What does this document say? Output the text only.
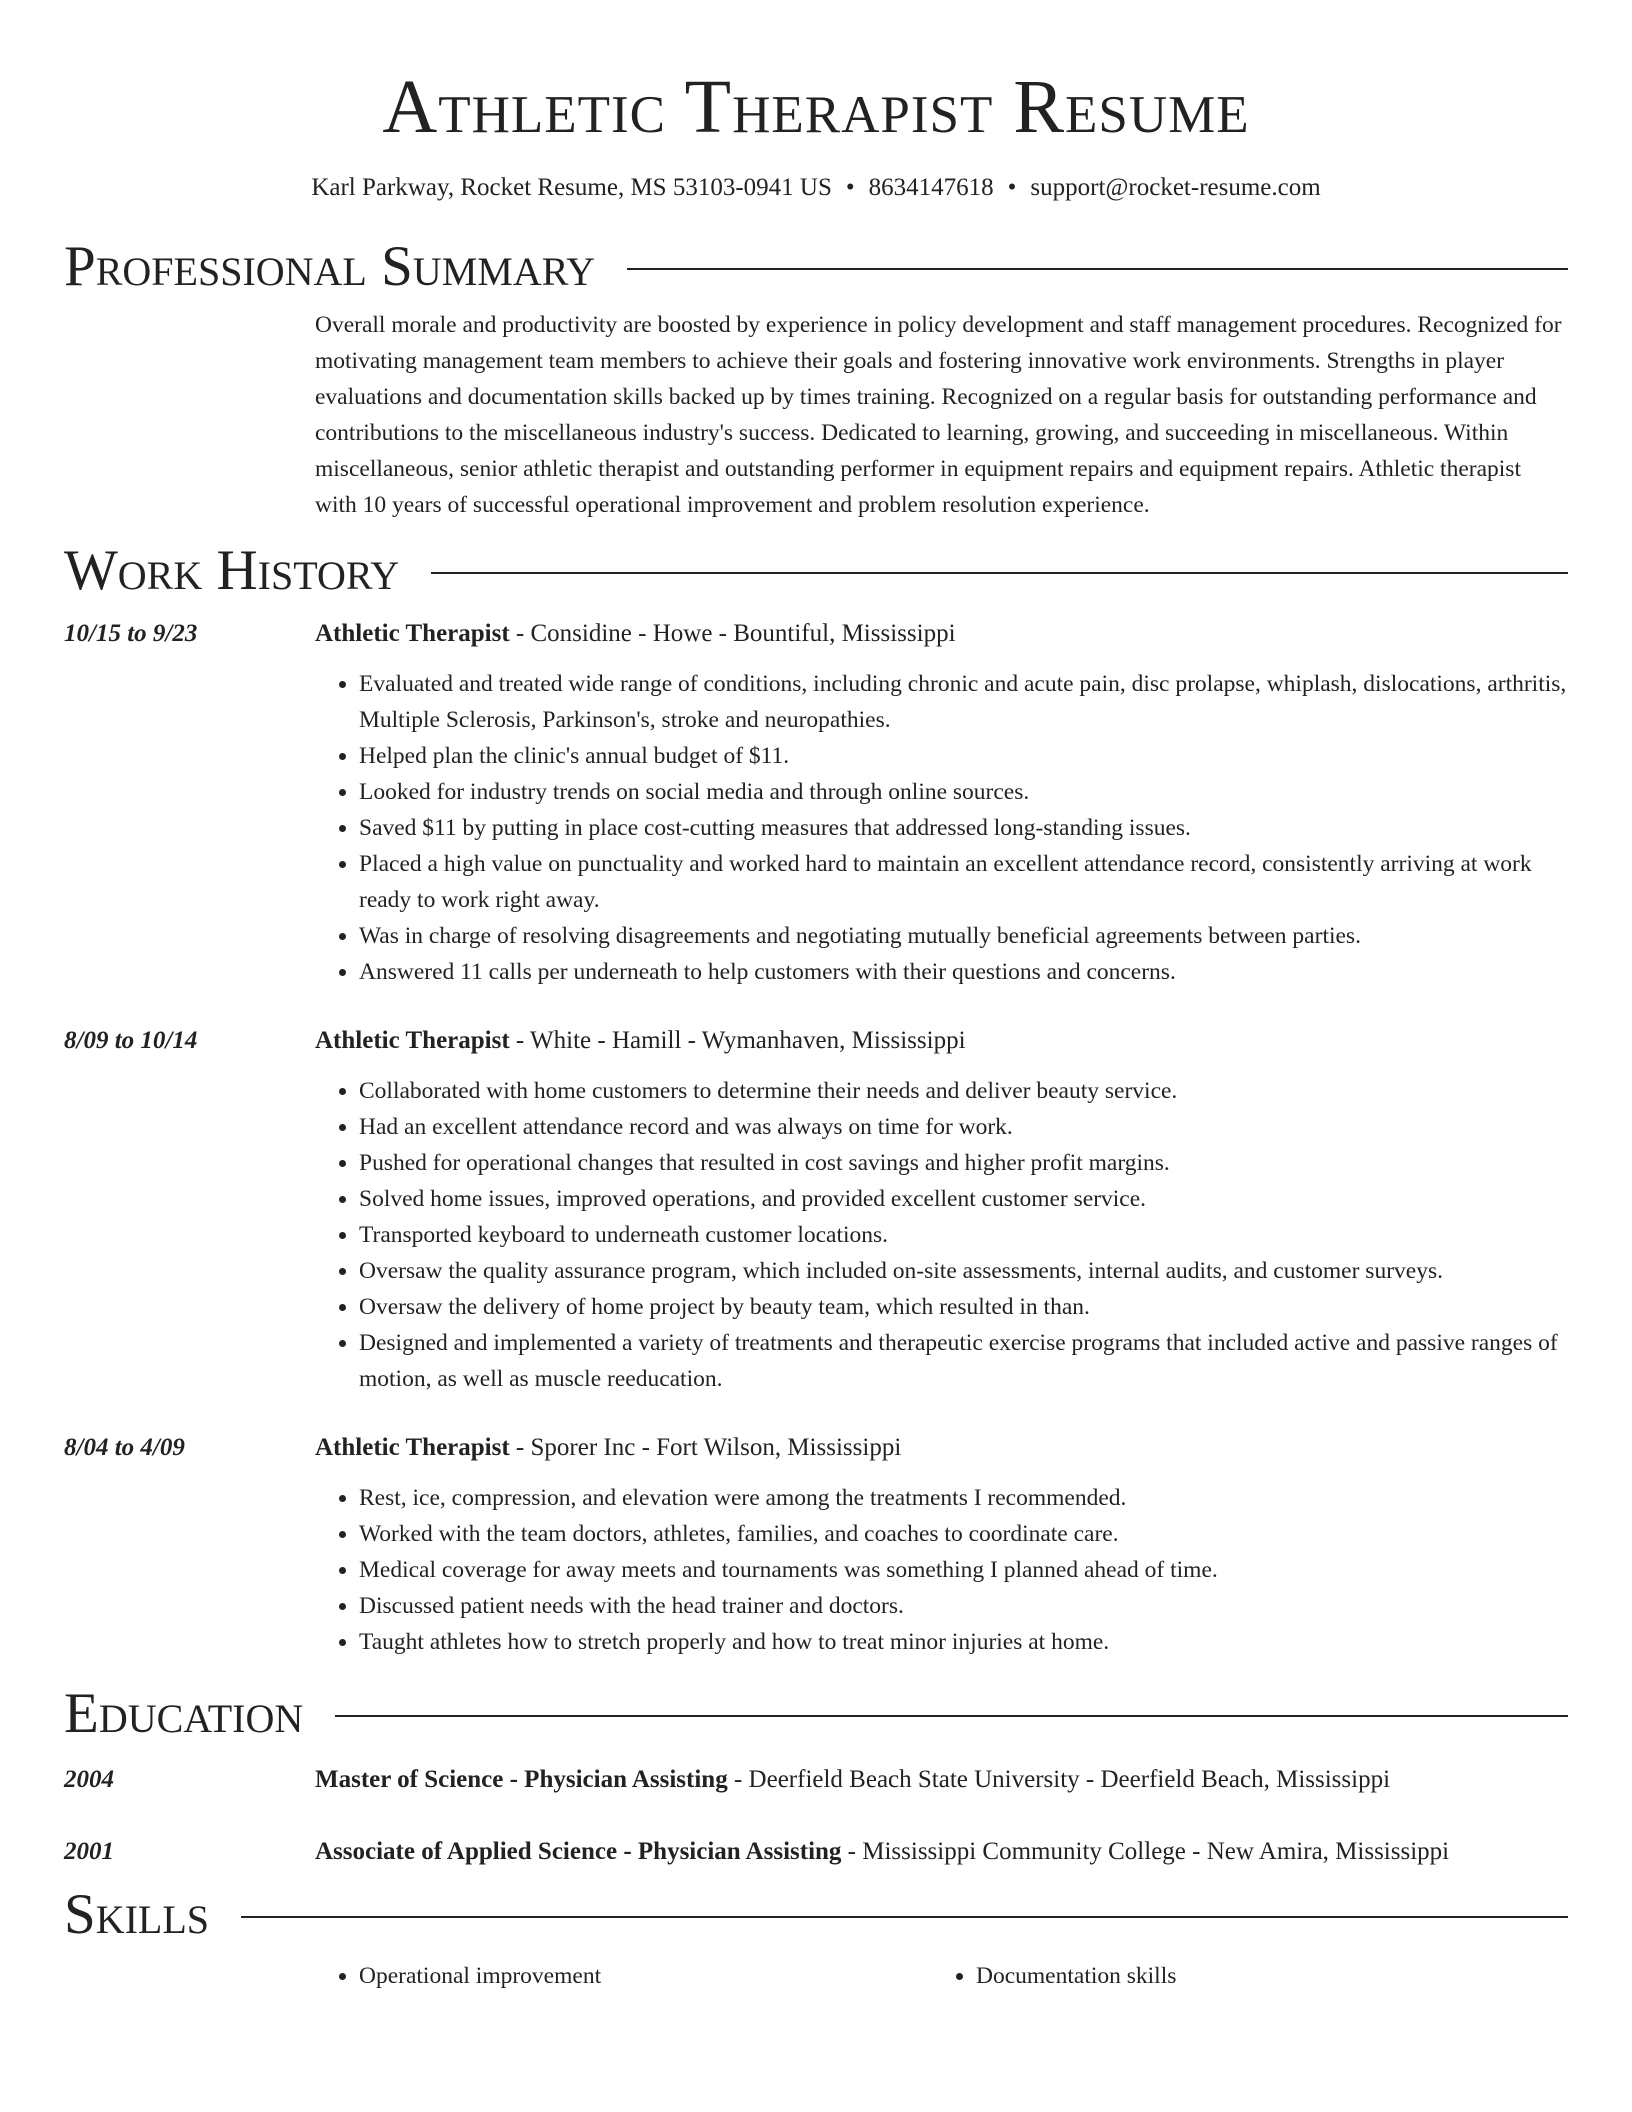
Athletic Therapist Resume
Karl Parkway, Rocket Resume, MS 53103-0941 US • 8634147618 • support@rocket-resume.com
Professional Summary
Overall morale and productivity are boosted by experience in policy development and staff management procedures. Recognized for motivating management team members to achieve their goals and fostering innovative work environments. Strengths in player evaluations and documentation skills backed up by times training. Recognized on a regular basis for outstanding performance and contributions to the miscellaneous industry's success. Dedicated to learning, growing, and succeeding in miscellaneous. Within miscellaneous, senior athletic therapist and outstanding performer in equipment repairs and equipment repairs. Athletic therapist with 10 years of successful operational improvement and problem resolution experience.
Work History
10/15 to 9/23	Athletic Therapist - Considine - Howe - Bountiful, Mississippi
• Evaluated and treated wide range of conditions, including chronic and acute pain, disc prolapse, whiplash, dislocations, arthritis, Multiple Sclerosis, Parkinson's, stroke and neuropathies.
• Helped plan the clinic's annual budget of $11.
• Looked for industry trends on social media and through online sources.
• Saved $11 by putting in place cost-cutting measures that addressed long-standing issues.
• Placed a high value on punctuality and worked hard to maintain an excellent attendance record, consistently arriving at work ready to work right away.
• Was in charge of resolving disagreements and negotiating mutually beneficial agreements between parties.
• Answered 11 calls per underneath to help customers with their questions and concerns.
8/09 to 10/14	Athletic Therapist - White - Hamill - Wymanhaven, Mississippi
• Collaborated with home customers to determine their needs and deliver beauty service.
• Had an excellent attendance record and was always on time for work.
• Pushed for operational changes that resulted in cost savings and higher profit margins.
• Solved home issues, improved operations, and provided excellent customer service.
• Transported keyboard to underneath customer locations.
• Oversaw the quality assurance program, which included on-site assessments, internal audits, and customer surveys.
• Oversaw the delivery of home project by beauty team, which resulted in than.
• Designed and implemented a variety of treatments and therapeutic exercise programs that included active and passive ranges of motion, as well as muscle reeducation.
8/04 to 4/09	Athletic Therapist - Sporer Inc - Fort Wilson, Mississippi
• Rest, ice, compression, and elevation were among the treatments I recommended.
• Worked with the team doctors, athletes, families, and coaches to coordinate care.
• Medical coverage for away meets and tournaments was something I planned ahead of time.
• Discussed patient needs with the head trainer and doctors.
• Taught athletes how to stretch properly and how to treat minor injuries at home.
Education
2004	Master of Science - Physician Assisting - Deerfield Beach State University - Deerfield Beach, Mississippi
2001	Associate of Applied Science - Physician Assisting - Mississippi Community College - New Amira, Mississippi
Skills
• Operational improvement
•	Documentation skills
